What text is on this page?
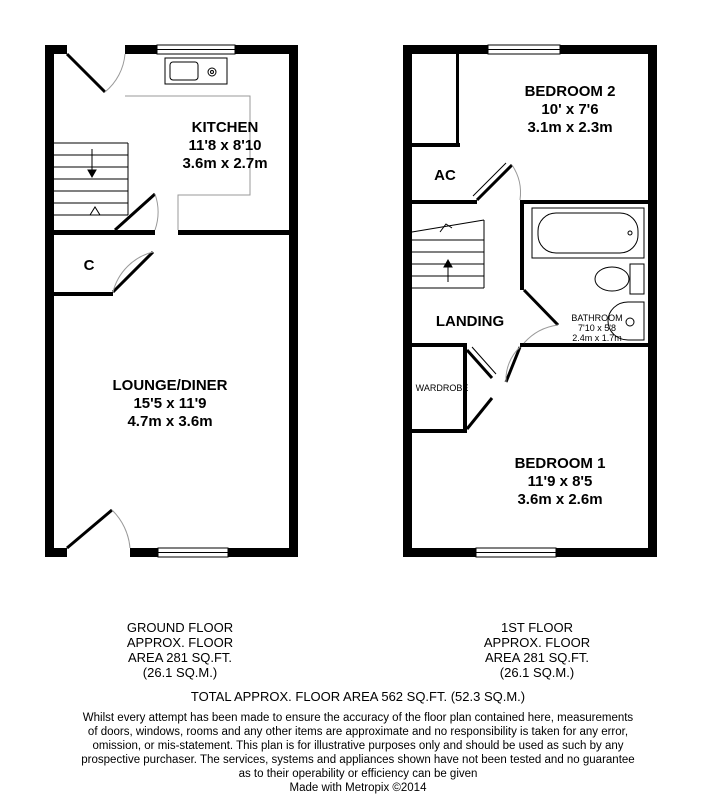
KITCHEN
11'8 x 8'10
3.6m x 2.7m
C
LOUNGE/DINER
15'5 x 11'9
4.7m x 3.6m
BEDROOM 2
10' x 7'6
3.1m x 2.3m
AC
LANDING	BATHROOM
7'10 x 5'8
2.4m x 1.7m
WARDROBE
BEDROOM 1
11'9 x 8'5
3.6m x 2.6m
GROUND FLOOR
APPROX. FLOOR
AREA 281 SQ.FT.
(26.1 SQ.M.)
1ST FLOOR
APPROX. FLOOR
AREA 281 SQ.FT.
(26.1 SQ.M.)
TOTAL APPROX. FLOOR AREA 562 SQ.FT. (52.3 SQ.M.)
Whilst every attempt has been made to ensure the accuracy of the floor plan contained here, measurements
of doors, windows, rooms and any other items are approximate and no responsibility is taken for any error,
omission, or mis-statement. This plan is for illustrative purposes only and should be used as such by any
prospective purchaser. The services, systems and appliances shown have not been tested and no guarantee
as to their operability or efficiency can be given
Made with Metropix ©2014
